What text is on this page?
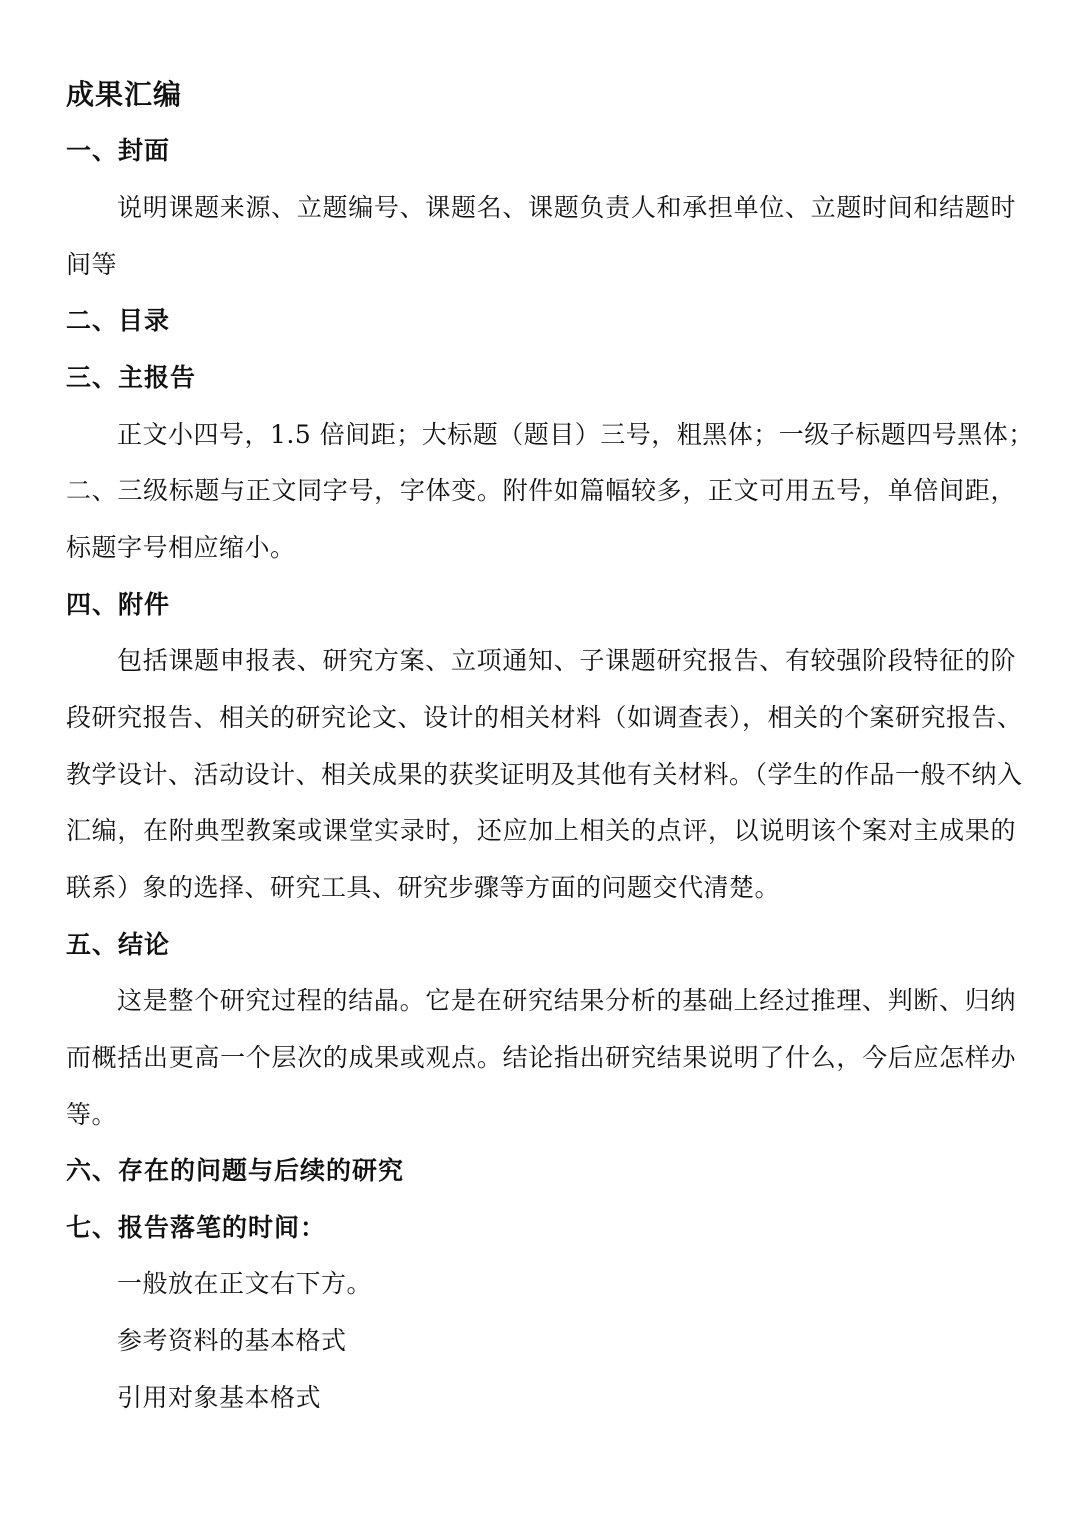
成果汇编
一、封面
说明课题来源、立题编号、课题名、课题负责人和承担单位、立题时间和结题时
间等
二、目录
三、主报告
正文小四号，1.5 倍间距；大标题（题目）三号，粗黑体；一级子标题四号黑体；
二、三级标题与正文同字号，字体变。附件如篇幅较多，正文可用五号，单倍间距，
标题字号相应缩小。
四、附件
包括课题申报表、研究方案、立项通知、子课题研究报告、有较强阶段特征的阶
段研究报告、相关的研究论文、设计的相关材料（如调查表），相关的个案研究报告、
教学设计、活动设计、相关成果的获奖证明及其他有关材料。（学生的作品一般不纳入
汇编，在附典型教案或课堂实录时，还应加上相关的点评，以说明该个案对主成果的
联系）象的选择、研究工具、研究步骤等方面的问题交代清楚。
五、结论
这是整个研究过程的结晶。它是在研究结果分析的基础上经过推理、判断、归纳
而概括出更高一个层次的成果或观点。结论指出研究结果说明了什么，今后应怎样办
等。
六、存在的问题与后续的研究
七、报告落笔的时间：
一般放在正文右下方。
参考资料的基本格式
引用对象基本格式
